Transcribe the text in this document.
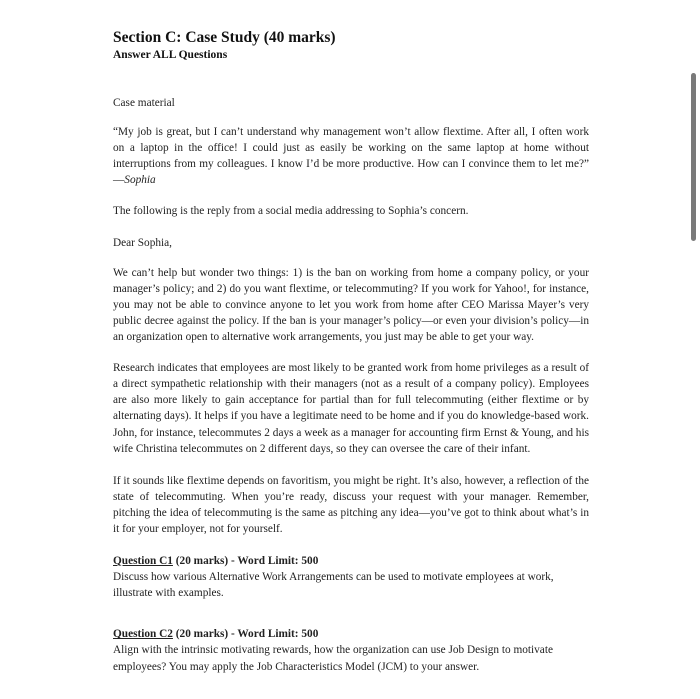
Section C: Case Study (40 marks)
Answer ALL Questions

Case material

“My job is great, but I can’t understand why management won’t allow flextime. After all, I often work on a laptop in the office! I could just as easily be working on the same laptop at home without interruptions from my colleagues. I know I’d be more productive. How can I convince them to let me?” —Sophia

The following is the reply from a social media addressing to Sophia’s concern.

Dear Sophia,

We can’t help but wonder two things: 1) is the ban on working from home a company policy, or your manager’s policy; and 2) do you want flextime, or telecommuting? If you work for Yahoo!, for instance, you may not be able to convince anyone to let you work from home after CEO Marissa Mayer’s very public decree against the policy. If the ban is your manager’s policy—or even your division’s policy—in an organization open to alternative work arrangements, you just may be able to get your way.

Research indicates that employees are most likely to be granted work from home privileges as a result of a direct sympathetic relationship with their managers (not as a result of a company policy). Employees are also more likely to gain acceptance for partial than for full telecommuting (either flextime or by alternating days). It helps if you have a legitimate need to be home and if you do knowledge-based work. John, for instance, telecommutes 2 days a week as a manager for accounting firm Ernst & Young, and his wife Christina telecommutes on 2 different days, so they can oversee the care of their infant.

If it sounds like flextime depends on favoritism, you might be right. It’s also, however, a reflection of the state of telecommuting. When you’re ready, discuss your request with your manager. Remember, pitching the idea of telecommuting is the same as pitching any idea—you’ve got to think about what’s in it for your employer, not for yourself.

Question C1 (20 marks) - Word Limit: 500

Discuss how various Alternative Work Arrangements can be used to motivate employees at work, illustrate with examples.

Question C2 (20 marks) - Word Limit: 500

Align with the intrinsic motivating rewards, how the organization can use Job Design to motivate employees? You may apply the Job Characteristics Model (JCM) to your answer.
